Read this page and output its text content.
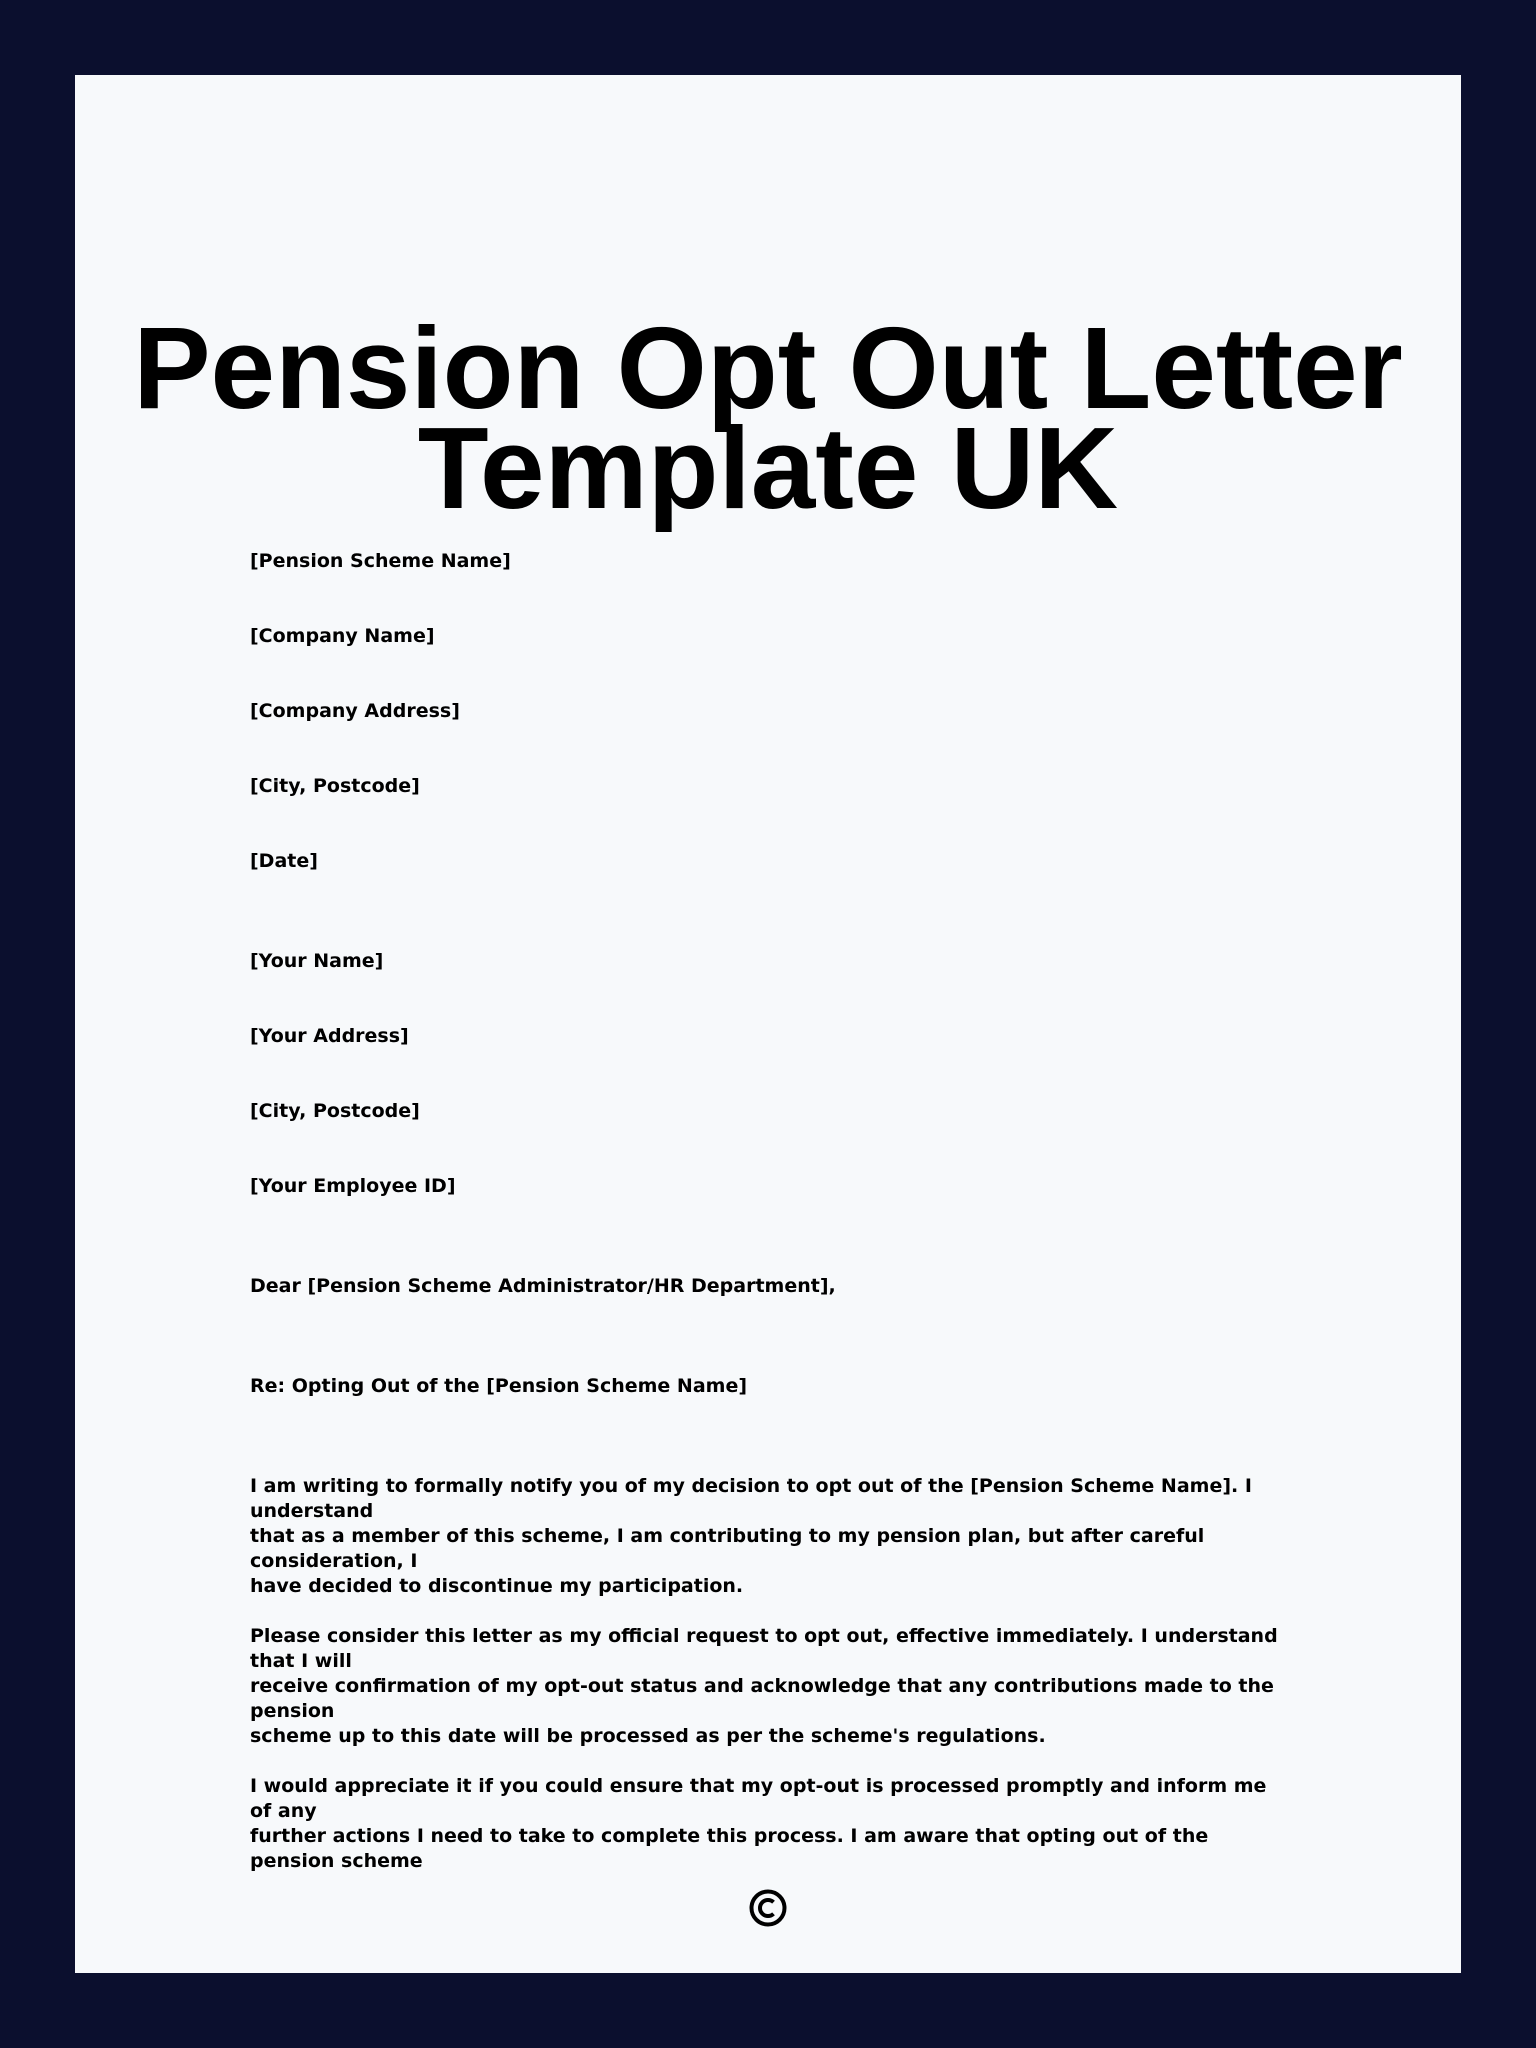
Pension Opt Out Letter
Template UK

[Pension Scheme Name]

[Company Name]

[Company Address]

[City, Postcode]

[Date]

[Your Name]

[Your Address]

[City, Postcode]

[Your Employee ID]

Dear [Pension Scheme Administrator/HR Department],

Re: Opting Out of the [Pension Scheme Name]

I am writing to formally notify you of my decision to opt out of the [Pension Scheme Name]. I understand
that as a member of this scheme, I am contributing to my pension plan, but after careful consideration, I
have decided to discontinue my participation.

Please consider this letter as my official request to opt out, effective immediately. I understand that I will
receive confirmation of my opt-out status and acknowledge that any contributions made to the pension
scheme up to this date will be processed as per the scheme's regulations.

I would appreciate it if you could ensure that my opt-out is processed promptly and inform me of any
further actions I need to take to complete this process. I am aware that opting out of the pension scheme
